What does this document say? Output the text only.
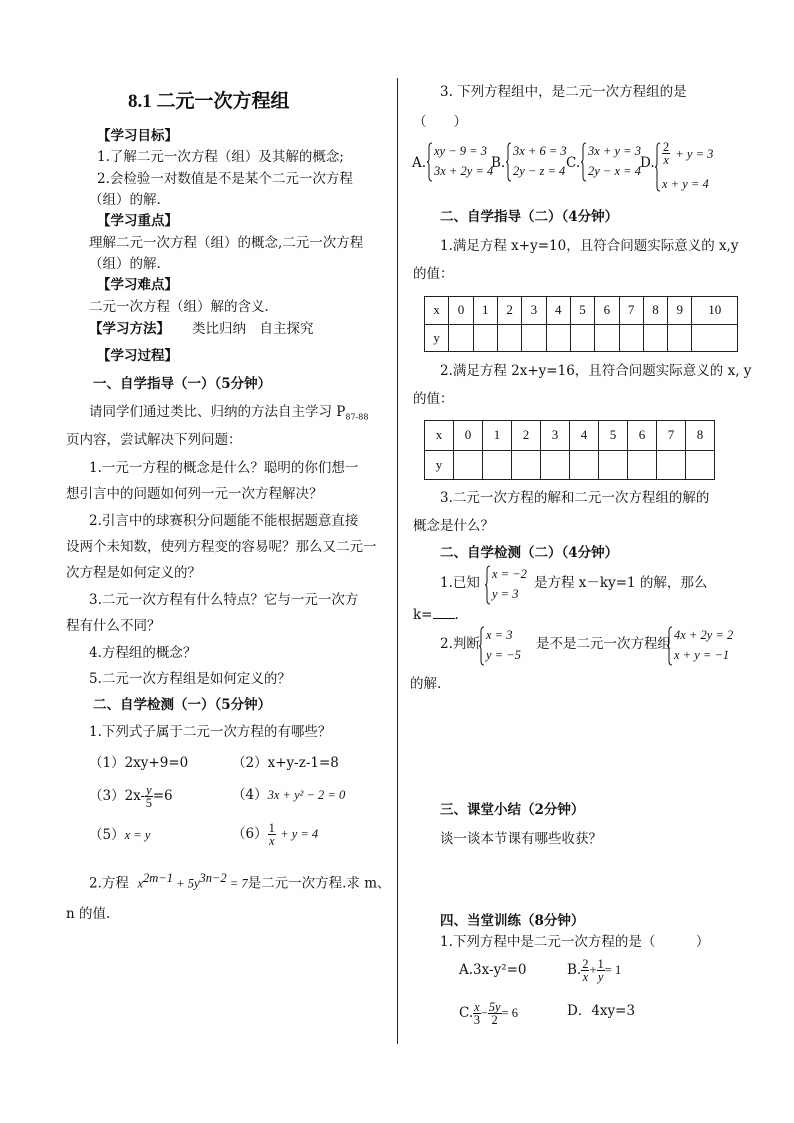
8.1 二元一次方程组
【学习目标】
1.了解二元一次方程（组）及其解的概念;
2.会检验一对数值是不是某个二元一次方程
（组）的解.
【学习重点】
理解二元一次方程（组）的概念,二元一次方程
（组）的解.
【学习难点】
二元一次方程（组）解的含义.
【学习方法】 类比归纳　自主探究
【学习过程】
一、自学指导（一）（5分钟）
请同学们通过类比、归纳的方法自主学习 $P_{87-88}$
页内容，尝试解决下列问题：
1.一元一方程的概念是什么？聪明的你们想一
想引言中的问题如何列一元一次方程解决？
2.引言中的球赛积分问题能不能根据题意直接
设两个未知数，使列方程变的容易呢？那么又二元一
次方程是如何定义的？
3.二元一次方程有什么特点？它与一元一次方
程有什么不同？
4.方程组的概念？
5.二元一次方程组是如何定义的？
二、自学检测（一）（5分钟）
1.下列式子属于二元一次方程的有哪些？
（1）2xy+9=0	（2）x+y-z-1=8
$(3)2x- \frac{y}{5} =6$	（4）3x + y² − 2 = 0
（5）x = y	$(6) \frac{1}{x} + y = 4$
2.方程 $x^{2m-1} + 5y^{3n-2} = 7$是二元一次方程.求 m、
n 的值.
3. 下列方程组中，是二元一次方程组的是
（　　）
A.
xy − 9 = 3
3x + 2y = 4
B.
3x + 6 = 3
2y − z = 4 C.
3x + y = 3
2y − x = 4 D. $\frac{2}{x} + y = 3$
x + y = 4
二、自学指导（二）（4分钟）
1.满足方程 x+y=10，且符合问题实际意义的 x,y
的值：
x	0	1	2	3	4	5	6	7	8	9	10
y											
2.满足方程 2x+y=16，且符合问题实际意义的 x, y
的值：
x	0	1	2	3	4	5	6	7	8
y									
3.二元一次方程的解和二元一次方程组的解的
概念是什么？
二、自学检测（二）（4分钟）
1.已知
x = −2
y = 3
是方程 x－ky=1 的解，那么
k= .
2.判断
x = 3
y = −5
是不是二元一次方程组
4x + 2y = 2
x + y = −1
的解.
三、课堂小结（2分钟）
谈一谈本节课有哪些收获？
四、当堂训练（8分钟）
1.下列方程中是二元一次方程的是（　　　）
A.3x-y²=0	B. $\frac{2}{x} + \frac{1}{y} = 1$
C. $\frac{x}{3} - \frac{5y}{2} = 6$	D．4xy=3
